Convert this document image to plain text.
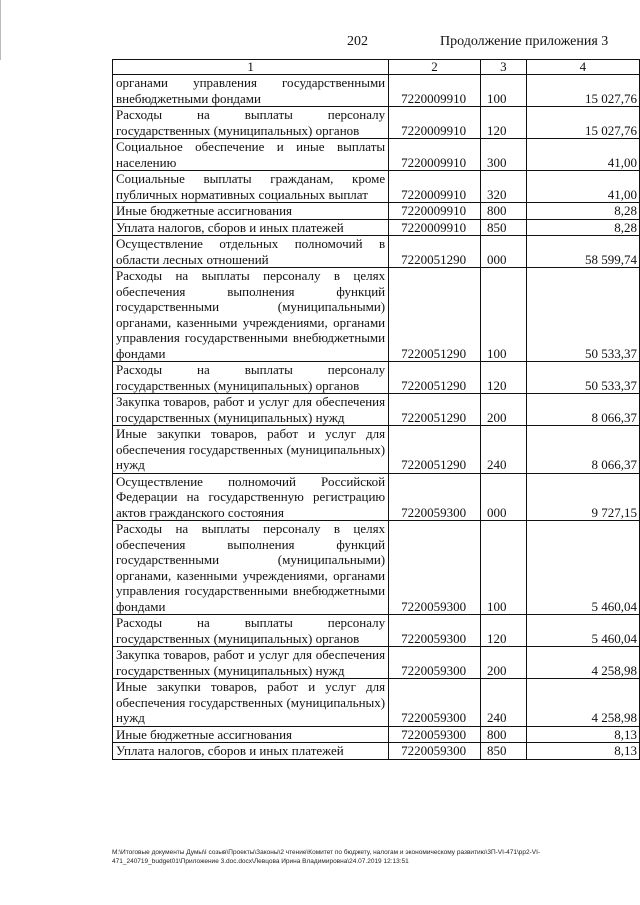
202	Продолжение приложения 3
1	2	3	4
органами управления государственными внебюджетными фондами	7220009910	100	15 027,76
Расходы на выплаты персоналу государственных (муниципальных) органов	7220009910	120	15 027,76
Социальное обеспечение и иные выплаты населению	7220009910	300	41,00
Социальные выплаты гражданам, кроме публичных нормативных социальных выплат	7220009910	320	41,00
Иные бюджетные ассигнования	7220009910	800	8,28
Уплата налогов, сборов и иных платежей	7220009910	850	8,28
Осуществление отдельных полномочий в области лесных отношений	7220051290	000	58 599,74
Расходы на выплаты персоналу в целях обеспечения выполнения функций государственными (муниципальными) органами, казенными учреждениями, органами управления государственными внебюджетными фондами	7220051290	100	50 533,37
Расходы на выплаты персоналу государственных (муниципальных) органов	7220051290	120	50 533,37
Закупка товаров, работ и услуг для обеспечения государственных (муниципальных) нужд	7220051290	200	8 066,37
Иные закупки товаров, работ и услуг для обеспечения государственных (муниципальных) нужд	7220051290	240	8 066,37
Осуществление полномочий Российской Федерации на государственную регистрацию актов гражданского состояния	7220059300	000	9 727,15
Расходы на выплаты персоналу в целях обеспечения выполнения функций государственными (муниципальными) органами, казенными учреждениями, органами управления государственными внебюджетными фондами	7220059300	100	5 460,04
Расходы на выплаты персоналу государственных (муниципальных) органов	7220059300	120	5 460,04
Закупка товаров, работ и услуг для обеспечения государственных (муниципальных) нужд	7220059300	200	4 258,98
Иные закупки товаров, работ и услуг для обеспечения государственных (муниципальных) нужд	7220059300	240	4 258,98
Иные бюджетные ассигнования	7220059300	800	8,13
Уплата налогов, сборов и иных платежей	7220059300	850	8,13
M:\Итоговые документы Думы\I созыв\Проекты\Законы\2 чтение\Комитет по бюджету, налогам и экономическому развитию\3П-VI-471\pp2-VI-
471_240719_budget01\Приложение 3.doc.docx\Левцова Ирина Владимировна\24.07.2019 12:13:51
